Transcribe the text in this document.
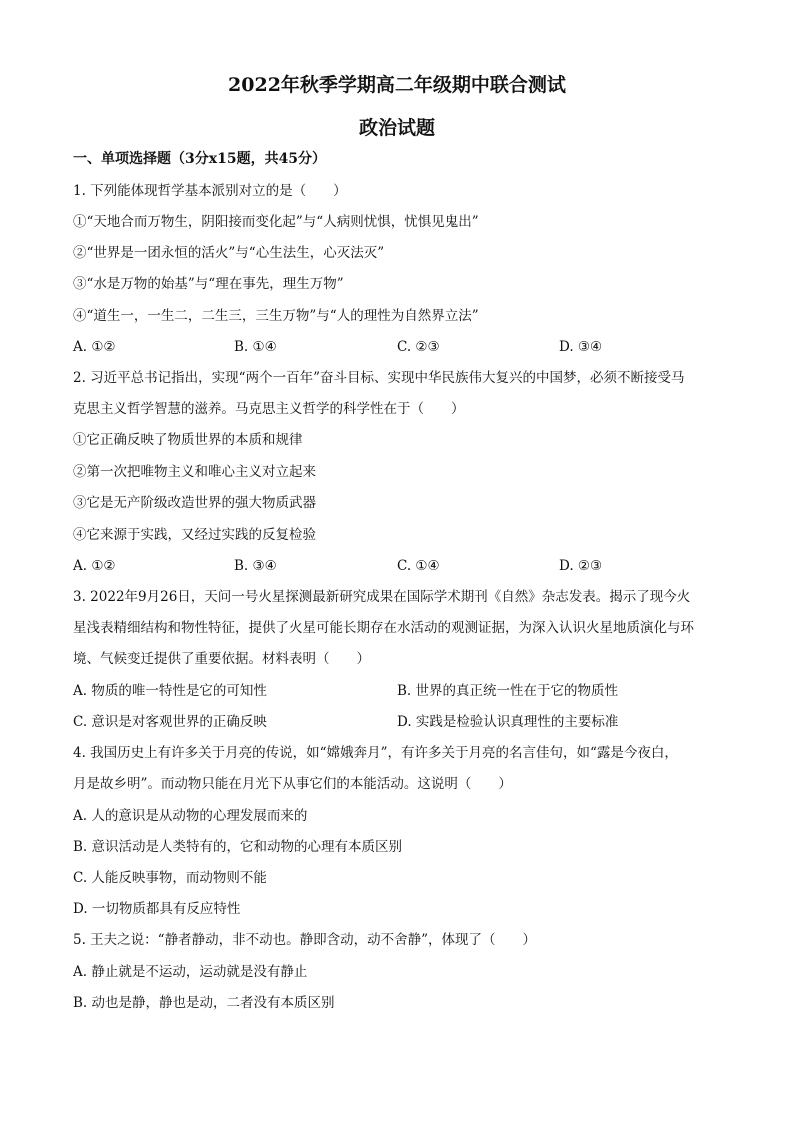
2022年秋季学期高二年级期中联合测试
政治试题
一、单项选择题（3分x15题，共45分）
1. 下列能体现哲学基本派别对立的是（　　）
①“天地合而万物生，阴阳接而变化起”与“人病则忧惧，忧惧见鬼出”
②“世界是一团永恒的活火”与“心生法生，心灭法灭”
③“水是万物的始基”与“理在事先，理生万物”
④“道生一，一生二，二生三，三生万物”与“人的理性为自然界立法”
A. ①②	B. ①④	C. ②③	D. ③④
2. 习近平总书记指出，实现“两个一百年”奋斗目标、实现中华民族伟大复兴的中国梦，必须不断接受马
克思主义哲学智慧的滋养。马克思主义哲学的科学性在于（　　）
①它正确反映了物质世界的本质和规律
②第一次把唯物主义和唯心主义对立起来
③它是无产阶级改造世界的强大物质武器
④它来源于实践，又经过实践的反复检验
A. ①②	B. ③④	C. ①④	D. ②③
3. 2022年9月26日，天问一号火星探测最新研究成果在国际学术期刊《自然》杂志发表。揭示了现今火
星浅表精细结构和物性特征，提供了火星可能长期存在水活动的观测证据，为深入认识火星地质演化与环
境、气候变迁提供了重要依据。材料表明（　　）
A. 物质的唯一特性是它的可知性	B. 世界的真正统一性在于它的物质性
C. 意识是对客观世界的正确反映	D. 实践是检验认识真理性的主要标准
4. 我国历史上有许多关于月亮的传说，如“嫦娥奔月”，有许多关于月亮的名言佳句，如“露是今夜白，
月是故乡明”。而动物只能在月光下从事它们的本能活动。这说明（　　）
A. 人的意识是从动物的心理发展而来的
B. 意识活动是人类特有的，它和动物的心理有本质区别
C. 人能反映事物，而动物则不能
D. 一切物质都具有反应特性
5. 王夫之说：“静者静动，非不动也。静即含动，动不舍静”，体现了（　　）
A. 静止就是不运动，运动就是没有静止
B. 动也是静，静也是动，二者没有本质区别
